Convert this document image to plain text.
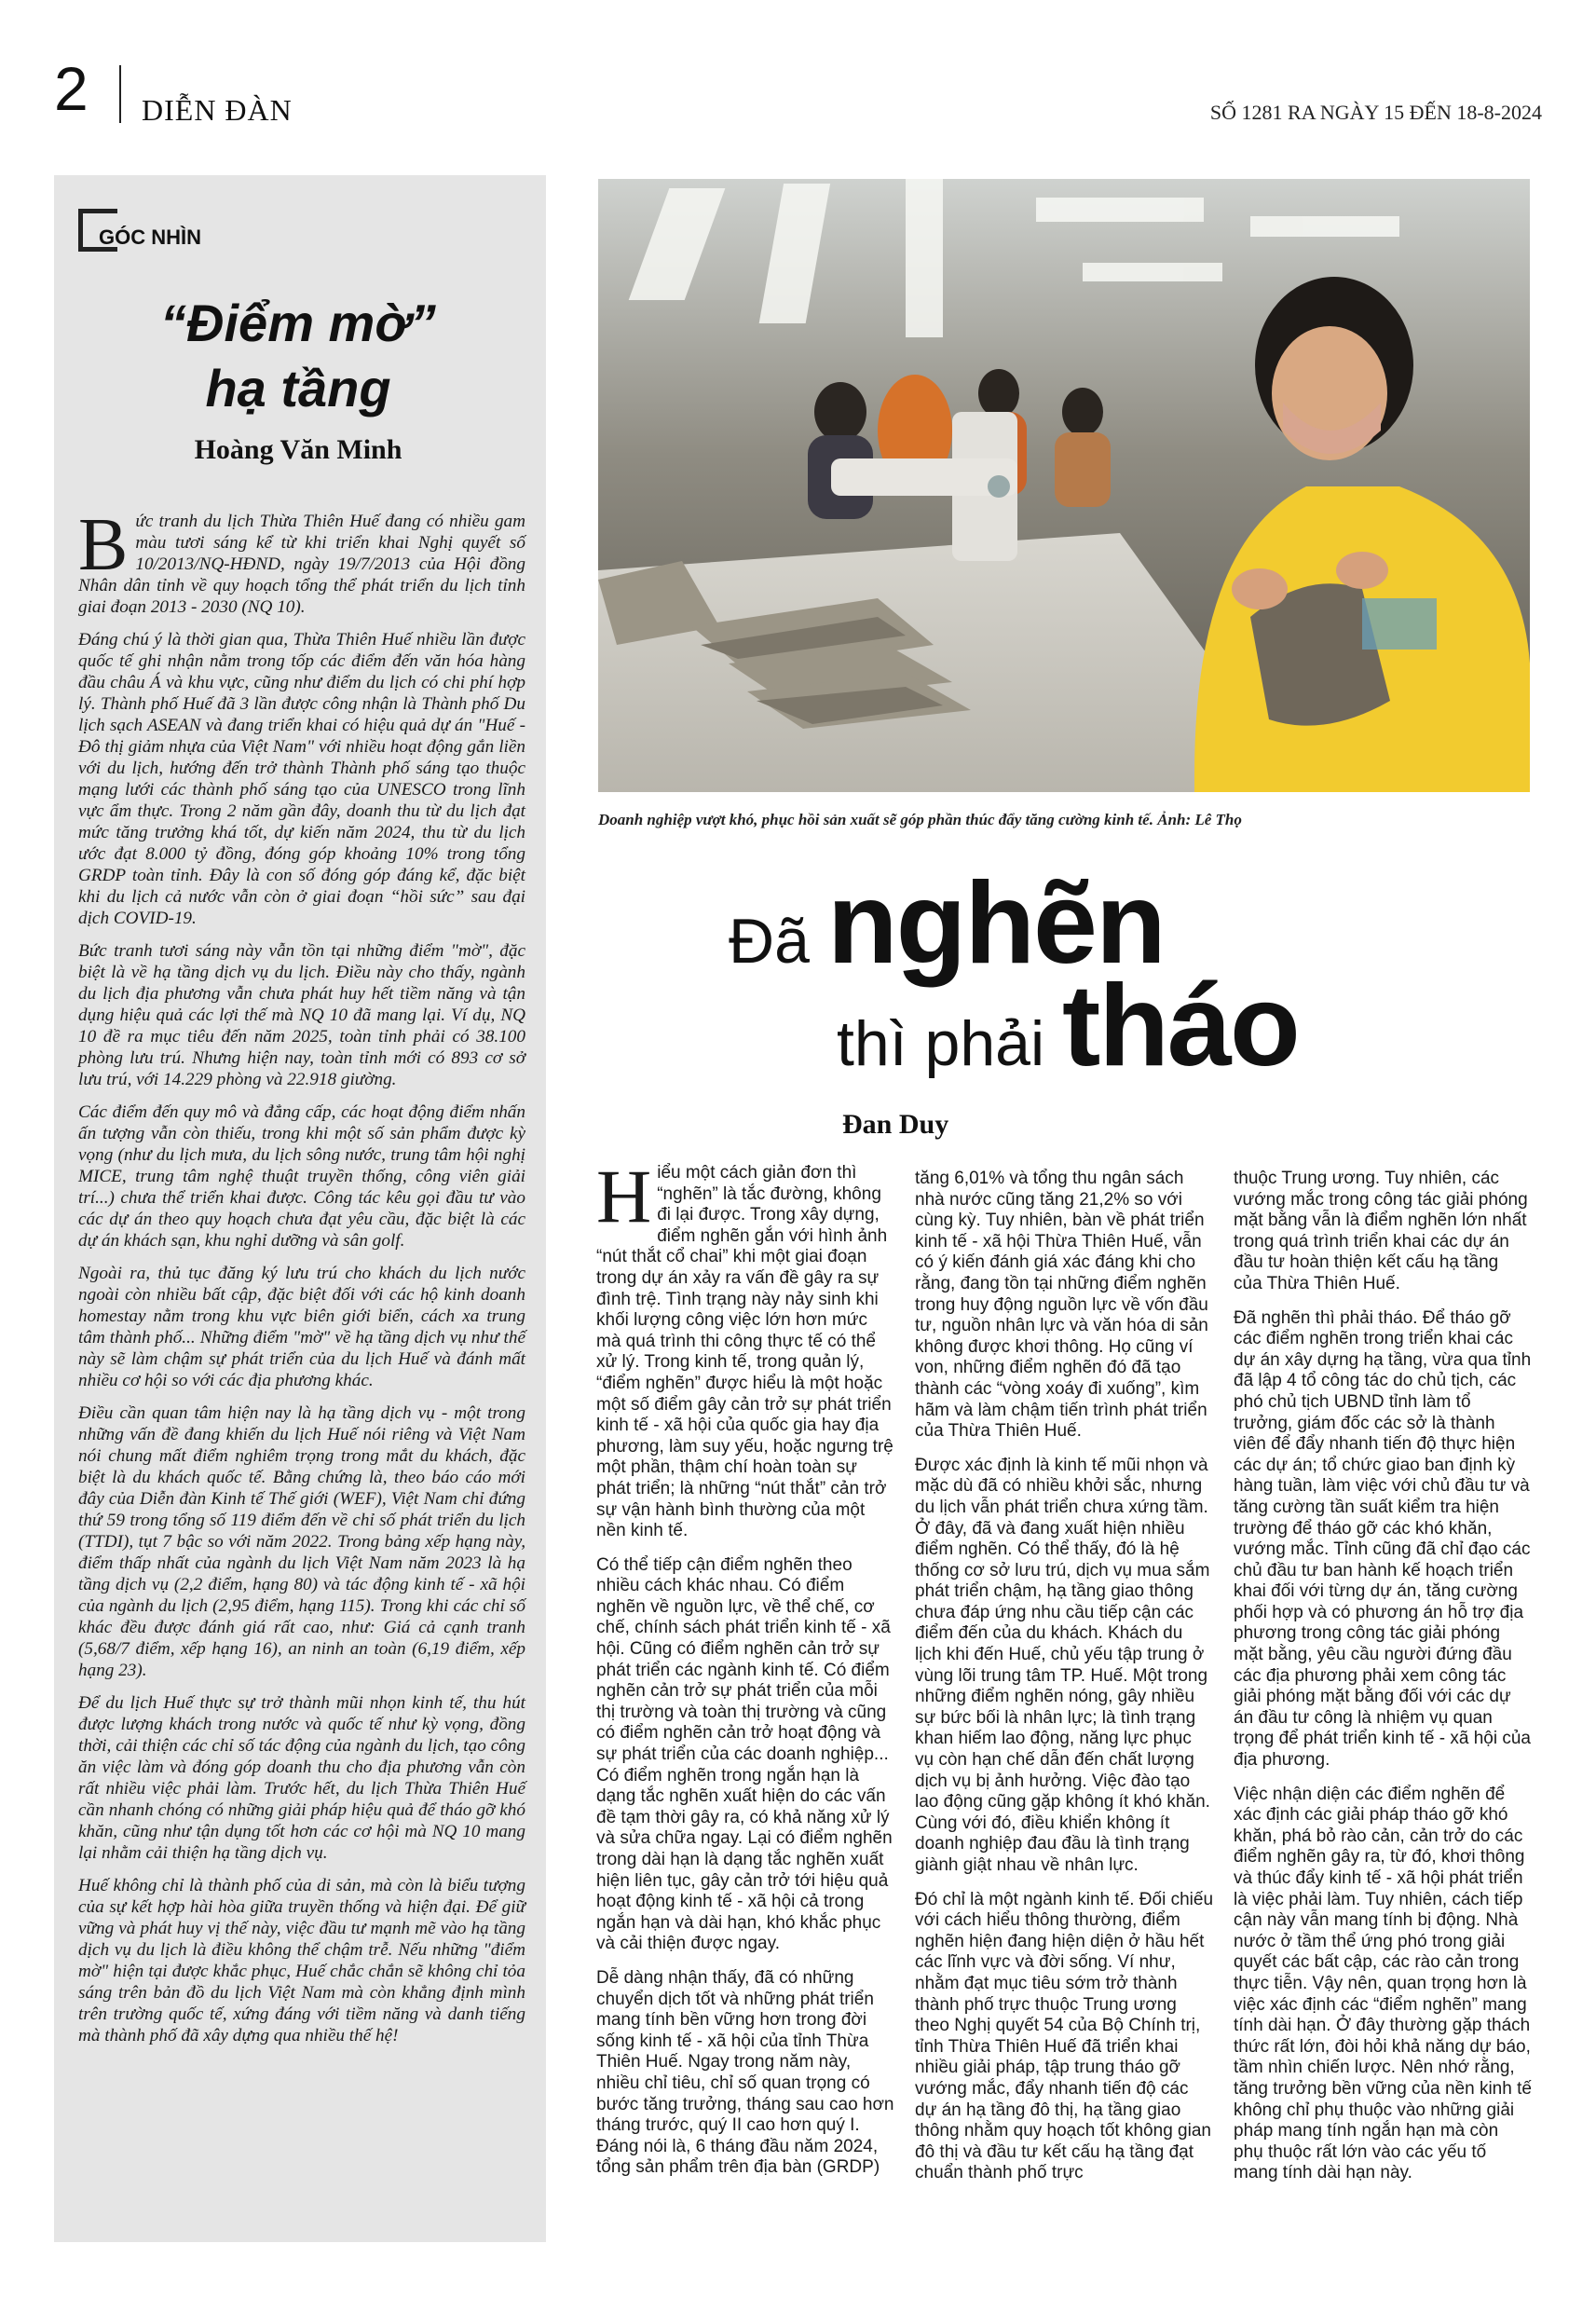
2 DIỄN ĐÀN	SỐ 1281 RA NGÀY 15 ĐẾN 18-8-2024
GÓC NHÌN
“Điểm mờ”
hạ tầng
Hoàng Văn Minh

Bức tranh du lịch Thừa Thiên Huế đang có nhiều gam màu tươi sáng kể từ khi triển khai Nghị quyết số 10/2013/NQ-HĐND, ngày 19/7/2013 của Hội đồng Nhân dân tỉnh về quy hoạch tổng thể phát triển du lịch tỉnh giai đoạn 2013 - 2030 (NQ 10).

Đáng chú ý là thời gian qua, Thừa Thiên Huế nhiều lần được quốc tế ghi nhận nằm trong tốp các điểm đến văn hóa hàng đầu châu Á và khu vực, cũng như điểm du lịch có chi phí hợp lý. Thành phố Huế đã 3 lần được công nhận là Thành phố Du lịch sạch ASEAN và đang triển khai có hiệu quả dự án "Huế - Đô thị giảm nhựa của Việt Nam" với nhiều hoạt động gắn liền với du lịch, hướng đến trở thành Thành phố sáng tạo thuộc mạng lưới các thành phố sáng tạo của UNESCO trong lĩnh vực ẩm thực. Trong 2 năm gần đây, doanh thu từ du lịch đạt mức tăng trưởng khá tốt, dự kiến năm 2024, thu từ du lịch ước đạt 8.000 tỷ đồng, đóng góp khoảng 10% trong tổng GRDP toàn tỉnh. Đây là con số đóng góp đáng kể, đặc biệt khi du lịch cả nước vẫn còn ở giai đoạn “hồi sức” sau đại dịch COVID-19.

Bức tranh tươi sáng này vẫn tồn tại những điểm "mờ", đặc biệt là về hạ tầng dịch vụ du lịch. Điều này cho thấy, ngành du lịch địa phương vẫn chưa phát huy hết tiềm năng và tận dụng hiệu quả các lợi thế mà NQ 10 đã mang lại. Ví dụ, NQ 10 đề ra mục tiêu đến năm 2025, toàn tỉnh phải có 38.100 phòng lưu trú. Nhưng hiện nay, toàn tỉnh mới có 893 cơ sở lưu trú, với 14.229 phòng và 22.918 giường.

Các điểm đến quy mô và đẳng cấp, các hoạt động điểm nhấn ấn tượng vẫn còn thiếu, trong khi một số sản phẩm được kỳ vọng (như du lịch mưa, du lịch sông nước, trung tâm hội nghị MICE, trung tâm nghệ thuật truyền thống, công viên giải trí...) chưa thể triển khai được. Công tác kêu gọi đầu tư vào các dự án theo quy hoạch chưa đạt yêu cầu, đặc biệt là các dự án khách sạn, khu nghỉ dưỡng và sân golf.

Ngoài ra, thủ tục đăng ký lưu trú cho khách du lịch nước ngoài còn nhiều bất cập, đặc biệt đối với các hộ kinh doanh homestay nằm trong khu vực biên giới biển, cách xa trung tâm thành phố... Những điểm "mờ" về hạ tầng dịch vụ như thế này sẽ làm chậm sự phát triển của du lịch Huế và đánh mất nhiều cơ hội so với các địa phương khác.

Điều cần quan tâm hiện nay là hạ tầng dịch vụ - một trong những vấn đề đang khiến du lịch Huế nói riêng và Việt Nam nói chung mất điểm nghiêm trọng trong mắt du khách, đặc biệt là du khách quốc tế. Bằng chứng là, theo báo cáo mới đây của Diễn đàn Kinh tế Thế giới (WEF), Việt Nam chỉ đứng thứ 59 trong tổng số 119 điểm đến về chỉ số phát triển du lịch (TTDI), tụt 7 bậc so với năm 2022. Trong bảng xếp hạng này, điểm thấp nhất của ngành du lịch Việt Nam năm 2023 là hạ tầng dịch vụ (2,2 điểm, hạng 80) và tác động kinh tế - xã hội của ngành du lịch (2,95 điểm, hạng 115). Trong khi các chỉ số khác đều được đánh giá rất cao, như: Giá cả cạnh tranh (5,68/7 điểm, xếp hạng 16), an ninh an toàn (6,19 điểm, xếp hạng 23).

Để du lịch Huế thực sự trở thành mũi nhọn kinh tế, thu hút được lượng khách trong nước và quốc tế như kỳ vọng, đồng thời, cải thiện các chỉ số tác động của ngành du lịch, tạo công ăn việc làm và đóng góp doanh thu cho địa phương vẫn còn rất nhiều việc phải làm. Trước hết, du lịch Thừa Thiên Huế cần nhanh chóng có những giải pháp hiệu quả để tháo gỡ khó khăn, cũng như tận dụng tốt hơn các cơ hội mà NQ 10 mang lại nhằm cải thiện hạ tầng dịch vụ.

Huế không chỉ là thành phố của di sản, mà còn là biểu tượng của sự kết hợp hài hòa giữa truyền thống và hiện đại. Để giữ vững và phát huy vị thế này, việc đầu tư mạnh mẽ vào hạ tầng dịch vụ du lịch là điều không thể chậm trễ. Nếu những "điểm mờ" hiện tại được khắc phục, Huế chắc chắn sẽ không chỉ tỏa sáng trên bản đồ du lịch Việt Nam mà còn khẳng định mình trên trường quốc tế, xứng đáng với tiềm năng và danh tiếng mà thành phố đã xây dựng qua nhiều thế hệ!

Doanh nghiệp vượt khó, phục hồi sản xuất sẽ góp phần thúc đẩy tăng cường kinh tế. Ảnh: Lê Thọ
Đã nghẽn
thì phải tháo
Đan Duy

Hiểu một cách giản đơn thì “nghẽn” là tắc đường, không đi lại được. Trong xây dựng, điểm nghẽn gắn với hình ảnh “nút thắt cổ chai” khi một giai đoạn trong dự án xảy ra vấn đề gây ra sự đình trệ. Tình trạng này nảy sinh khi khối lượng công việc lớn hơn mức mà quá trình thi công thực tế có thể xử lý. Trong kinh tế, trong quản lý, “điểm nghẽn” được hiểu là một hoặc một số điểm gây cản trở sự phát triển kinh tế - xã hội của quốc gia hay địa phương, làm suy yếu, hoặc ngưng trệ một phần, thậm chí hoàn toàn sự phát triển; là những “nút thắt” cản trở sự vận hành bình thường của một nền kinh tế.

Có thể tiếp cận điểm nghẽn theo nhiều cách khác nhau. Có điểm nghẽn về nguồn lực, về thể chế, cơ chế, chính sách phát triển kinh tế - xã hội. Cũng có điểm nghẽn cản trở sự phát triển các ngành kinh tế. Có điểm nghẽn cản trở sự phát triển của mỗi thị trường và toàn thị trường và cũng có điểm nghẽn cản trở hoạt động và sự phát triển của các doanh nghiệp... Có điểm nghẽn trong ngắn hạn là dạng tắc nghẽn xuất hiện do các vấn đề tạm thời gây ra, có khả năng xử lý và sửa chữa ngay. Lại có điểm nghẽn trong dài hạn là dạng tắc nghẽn xuất hiện liên tục, gây cản trở tới hiệu quả hoạt động kinh tế - xã hội cả trong ngắn hạn và dài hạn, khó khắc phục và cải thiện được ngay.

Dễ dàng nhận thấy, đã có những chuyển dịch tốt và những phát triển mang tính bền vững hơn trong đời sống kinh tế - xã hội của tỉnh Thừa Thiên Huế. Ngay trong năm này, nhiều chỉ tiêu, chỉ số quan trọng có bước tăng trưởng, tháng sau cao hơn tháng trước, quý II cao hơn quý I. Đáng nói là, 6 tháng đầu năm 2024, tổng sản phẩm trên địa bàn (GRDP)

tăng 6,01% và tổng thu ngân sách nhà nước cũng tăng 21,2% so với cùng kỳ. Tuy nhiên, bàn về phát triển kinh tế - xã hội Thừa Thiên Huế, vẫn có ý kiến đánh giá xác đáng khi cho rằng, đang tồn tại những điểm nghẽn trong huy động nguồn lực về vốn đầu tư, nguồn nhân lực và văn hóa di sản không được khơi thông. Họ cũng ví von, những điểm nghẽn đó đã tạo thành các “vòng xoáy đi xuống”, kìm hãm và làm chậm tiến trình phát triển của Thừa Thiên Huế.

Được xác định là kinh tế mũi nhọn và mặc dù đã có nhiều khởi sắc, nhưng du lịch vẫn phát triển chưa xứng tầm. Ở đây, đã và đang xuất hiện nhiều điểm nghẽn. Có thể thấy, đó là hệ thống cơ sở lưu trú, dịch vụ mua sắm phát triển chậm, hạ tầng giao thông chưa đáp ứng nhu cầu tiếp cận các điểm đến của du khách. Khách du lịch khi đến Huế, chủ yếu tập trung ở vùng lõi trung tâm TP. Huế. Một trong những điểm nghẽn nóng, gây nhiều sự bức bối là nhân lực; là tình trạng khan hiếm lao động, năng lực phục vụ còn hạn chế dẫn đến chất lượng dịch vụ bị ảnh hưởng. Việc đào tạo lao động cũng gặp không ít khó khăn. Cùng với đó, điều khiển không ít doanh nghiệp đau đầu là tình trạng giành giật nhau về nhân lực.

Đó chỉ là một ngành kinh tế. Đối chiếu với cách hiểu thông thường, điểm nghẽn hiện đang hiện diện ở hầu hết các lĩnh vực và đời sống. Ví như, nhằm đạt mục tiêu sớm trở thành thành phố trực thuộc Trung ương theo Nghị quyết 54 của Bộ Chính trị, tỉnh Thừa Thiên Huế đã triển khai nhiều giải pháp, tập trung tháo gỡ vướng mắc, đẩy nhanh tiến độ các dự án hạ tầng đô thị, hạ tầng giao thông nhằm quy hoạch tốt không gian đô thị và đầu tư kết cấu hạ tầng đạt chuẩn thành phố trực

thuộc Trung ương. Tuy nhiên, các vướng mắc trong công tác giải phóng mặt bằng vẫn là điểm nghẽn lớn nhất trong quá trình triển khai các dự án đầu tư hoàn thiện kết cấu hạ tầng của Thừa Thiên Huế.

Đã nghẽn thì phải tháo. Để tháo gỡ các điểm nghẽn trong triển khai các dự án xây dựng hạ tầng, vừa qua tỉnh đã lập 4 tổ công tác do chủ tịch, các phó chủ tịch UBND tỉnh làm tổ trưởng, giám đốc các sở là thành viên để đẩy nhanh tiến độ thực hiện các dự án; tổ chức giao ban định kỳ hàng tuần, làm việc với chủ đầu tư và tăng cường tần suất kiểm tra hiện trường để tháo gỡ các khó khăn, vướng mắc. Tỉnh cũng đã chỉ đạo các chủ đầu tư ban hành kế hoạch triển khai đối với từng dự án, tăng cường phối hợp và có phương án hỗ trợ địa phương trong công tác giải phóng mặt bằng, yêu cầu người đứng đầu các địa phương phải xem công tác giải phóng mặt bằng đối với các dự án đầu tư công là nhiệm vụ quan trọng để phát triển kinh tế - xã hội của địa phương.

Việc nhận diện các điểm nghẽn để xác định các giải pháp tháo gỡ khó khăn, phá bỏ rào cản, cản trở do các điểm nghẽn gây ra, từ đó, khơi thông và thúc đẩy kinh tế - xã hội phát triển là việc phải làm. Tuy nhiên, cách tiếp cận này vẫn mang tính bị động. Nhà nước ở tầm thể ứng phó trong giải quyết các bất cập, các rào cản trong thực tiễn. Vậy nên, quan trọng hơn là việc xác định các “điểm nghẽn” mang tính dài hạn. Ở đây thường gặp thách thức rất lớn, đòi hỏi khả năng dự báo, tầm nhìn chiến lược. Nên nhớ rằng, tăng trưởng bền vững của nền kinh tế không chỉ phụ thuộc vào những giải pháp mang tính ngắn hạn mà còn phụ thuộc rất lớn vào các yếu tố mang tính dài hạn này.
